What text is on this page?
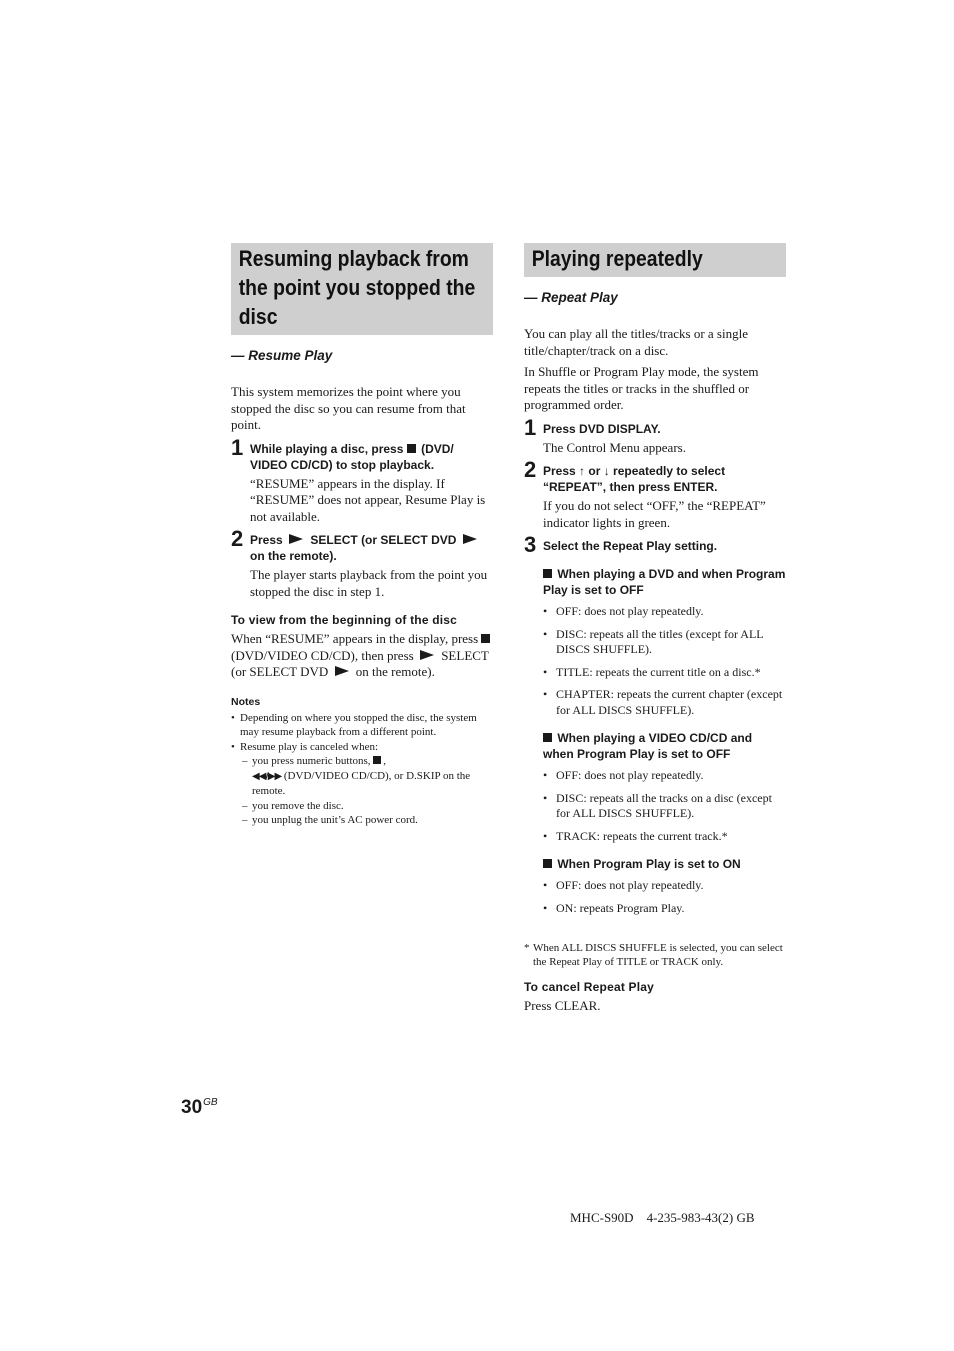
Resuming playback from
the point you stopped the
disc

— Resume Play

This system memorizes the point where you stopped the disc so you can resume from that point.

1 While playing a disc, press (DVD/ VIDEO CD/CD) to stop playback.

“RESUME” appears in the display. If “RESUME” does not appear, Resume Play is not available.

2 Press SELECT (or SELECT DVD  on the remote).

The player starts playback from the point you stopped the disc in step 1.

To view from the beginning of the disc

When “RESUME” appears in the display, press  (DVD/VIDEO CD/CD), then press SELECT (or SELECT DVD on the remote).

Notes

• Depending on where you stopped the disc, the system may resume playback from a different point.
• Resume play is canceled when:
– you press numeric buttons, ,
◀◀/▶▶ (DVD/VIDEO CD/CD), or D.SKIP on the remote.
– you remove the disc.
– you unplug the unit’s AC power cord.
Playing repeatedly

— Repeat Play

You can play all the titles/tracks or a single title/chapter/track on a disc.

In Shuffle or Program Play mode, the system repeats the titles or tracks in the shuffled or programmed order.

1 Press DVD DISPLAY.

The Control Menu appears.

2 Press ↑ or ↓ repeatedly to select “REPEAT”, then press ENTER.

If you do not select “OFF,” the “REPEAT” indicator lights in green.

3 Select the Repeat Play setting.

When playing a DVD and when Program Play is set to OFF

• OFF: does not play repeatedly.
• DISC: repeats all the titles (except for ALL DISCS SHUFFLE).
• TITLE: repeats the current title on a disc.*
• CHAPTER: repeats the current chapter (except for ALL DISCS SHUFFLE).

When playing a VIDEO CD/CD and when Program Play is set to OFF

• OFF: does not play repeatedly.
• DISC: repeats all the tracks on a disc (except for ALL DISCS SHUFFLE).
• TRACK: repeats the current track.*

When Program Play is set to ON

• OFF: does not play repeatedly.
• ON: repeats Program Play.

* When ALL DISCS SHUFFLE is selected, you can select the Repeat Play of TITLE or TRACK only.

To cancel Repeat Play

Press CLEAR.

$30^{GB}$
MHC-S90D    4-235-983-43(2) GB
